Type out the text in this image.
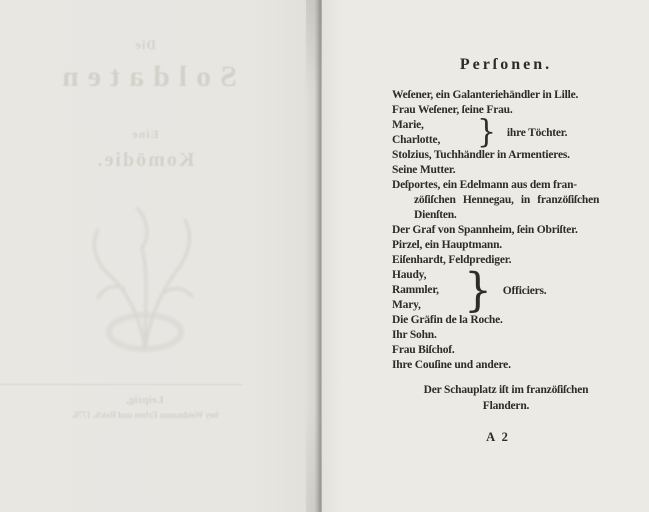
Die
Soldaten
Eine
Komödie.
Leipzig,
bey Weidmanns Erben und Reich, 1776.
Perſonen.
Weſener, ein Galanteriehändler in Lille.
Frau Weſener, ſeine Frau.
Marie,
Charlotte,	} ihre Töchter.
Stolzius, Tuchhändler in Armentieres.
Seine Mutter.
Deſportes, ein Edelmann aus dem fran-
zöſiſchen Hennegau, in franzöſiſchen
Dienſten.
Der Graf von Spannheim, ſein Obriſter.
Pirzel, ein Hauptmann.
Eiſenhardt, Feldprediger.
Haudy,
Rammler,
Mary, } Officiers.
Die Gräfin de la Roche.
Ihr Sohn.
Frau Biſchof.
Ihre Couſine und andere.
Der Schauplatz iſt im franzöſiſchen
Flandern.
A 2
